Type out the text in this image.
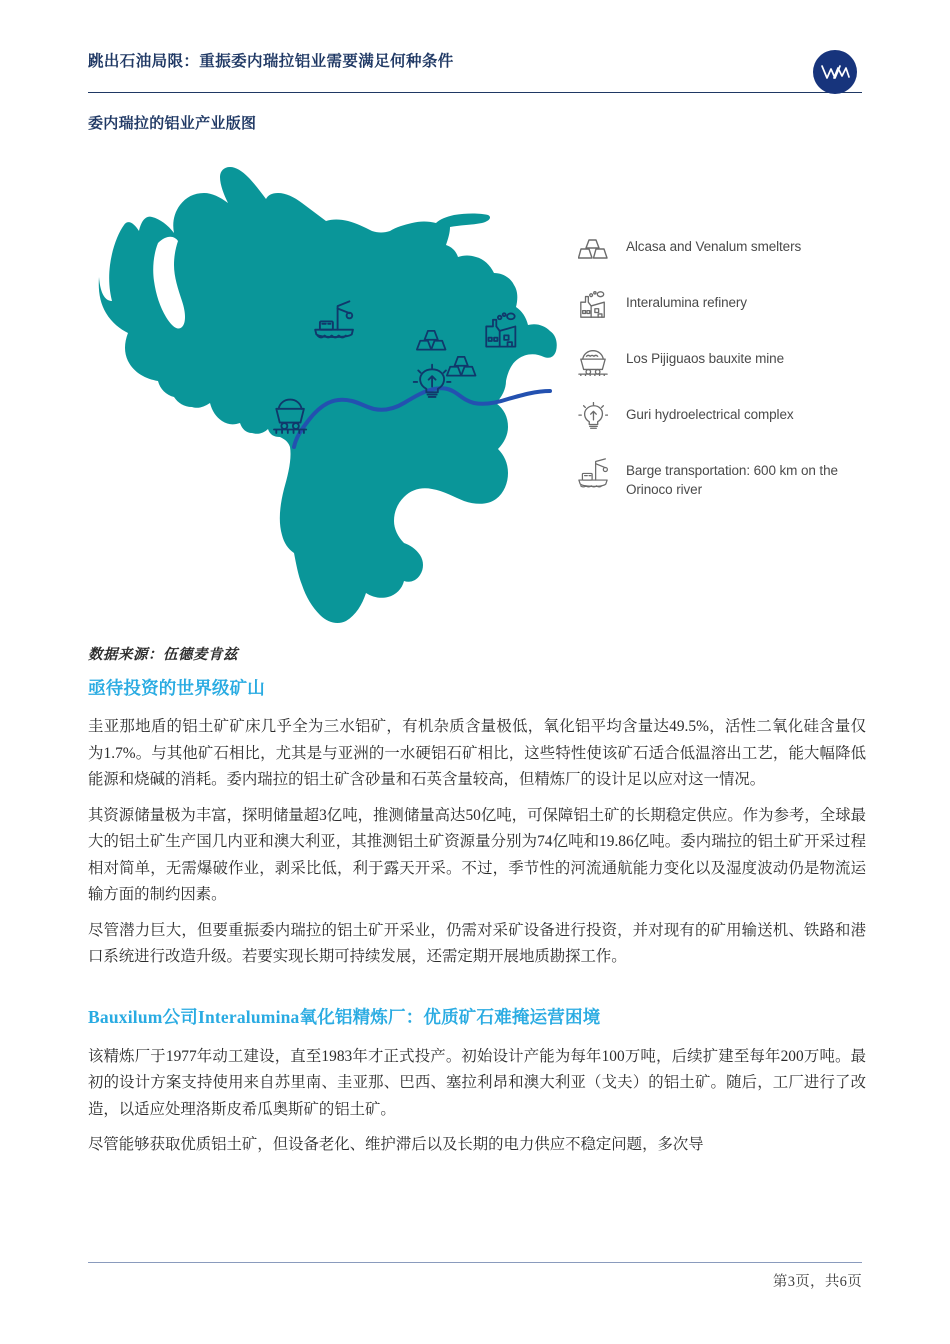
跳出石油局限：重振委内瑞拉铝业需要满足何种条件
委内瑞拉的铝业产业版图
Alcasa and Venalum smelters
Interalumina refinery
Los Pijiguaos bauxite mine
Guri hydroelectrical complex
Barge transportation: 600 km on the Orinoco river
数据来源：伍德麦肯兹
亟待投资的世界级矿山

圭亚那地盾的铝土矿矿床几乎全为三水铝矿，有机杂质含量极低，氧化铝平均含量达49.5%，活性二氧化硅含量仅为1.7%。与其他矿石相比，尤其是与亚洲的一水硬铝石矿相比，这些特性使该矿石适合低温溶出工艺，能大幅降低能源和烧碱的消耗。委内瑞拉的铝土矿含砂量和石英含量较高，但精炼厂的设计足以应对这一情况。

其资源储量极为丰富，探明储量超3亿吨，推测储量高达50亿吨，可保障铝土矿的长期稳定供应。作为参考，全球最大的铝土矿生产国几内亚和澳大利亚，其推测铝土矿资源量分别为74亿吨和19.86亿吨。委内瑞拉的铝土矿开采过程相对简单，无需爆破作业，剥采比低，利于露天开采。不过，季节性的河流通航能力变化以及湿度波动仍是物流运输方面的制约因素。

尽管潜力巨大，但要重振委内瑞拉的铝土矿开采业，仍需对采矿设备进行投资，并对现有的矿用输送机、铁路和港口系统进行改造升级。若要实现长期可持续发展，还需定期开展地质勘探工作。

Bauxilum公司Interalumina氧化铝精炼厂：优质矿石难掩运营困境

该精炼厂于1977年动工建设，直至1983年才正式投产。初始设计产能为每年100万吨，后续扩建至每年200万吨。最初的设计方案支持使用来自苏里南、圭亚那、巴西、塞拉利昂和澳大利亚（戈夫）的铝土矿。随后，工厂进行了改造，以适应处理洛斯皮希瓜奥斯矿的铝土矿。

尽管能够获取优质铝土矿，但设备老化、维护滞后以及长期的电力供应不稳定问题，多次导

第3页，共6页
